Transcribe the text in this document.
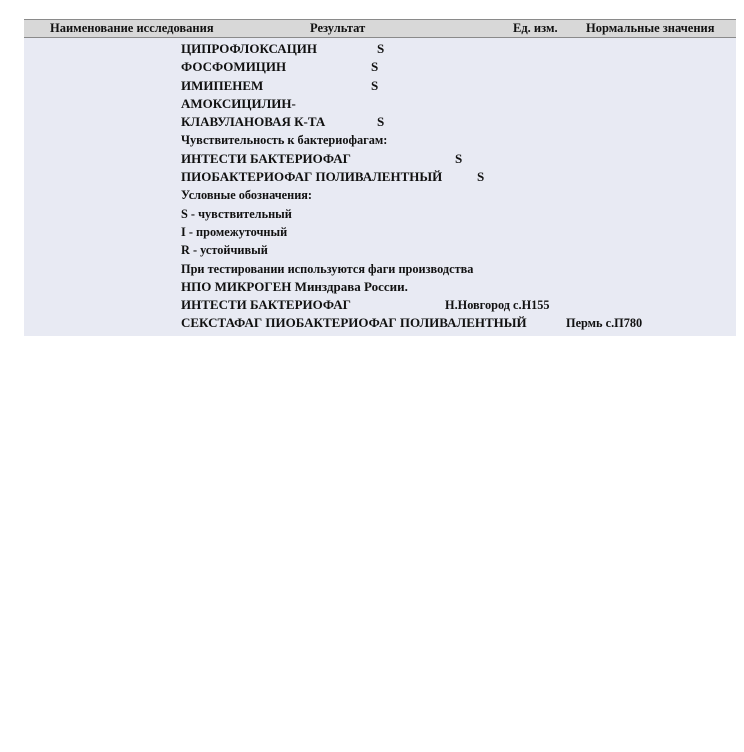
Наименование исследования	Результат	Ед. изм. Нормальные значения
ЦИПРОФЛОКСАЦИН	S
ФОСФОМИЦИН	S
ИМИПЕНЕМ	S
АМОКСИЦИЛИН-
КЛАВУЛАНОВАЯ К-ТА	S
Чувствительность к бактериофагам:
ИНТЕСТИ БАКТЕРИОФАГ	S
ПИОБАКТЕРИОФАГ ПОЛИВАЛЕНТНЫЙ	S
Условные обозначения:
S - чувствительный
I - промежуточный
R - устойчивый
При тестировании используются фаги производства
НПО МИКРОГЕН Минздрава России.
ИНТЕСТИ БАКТЕРИОФАГ	Н.Новгород с.Н155
СЕКСТАФАГ ПИОБАКТЕРИОФАГ ПОЛИВАЛЕНТНЫЙ	Пермь с.П780
